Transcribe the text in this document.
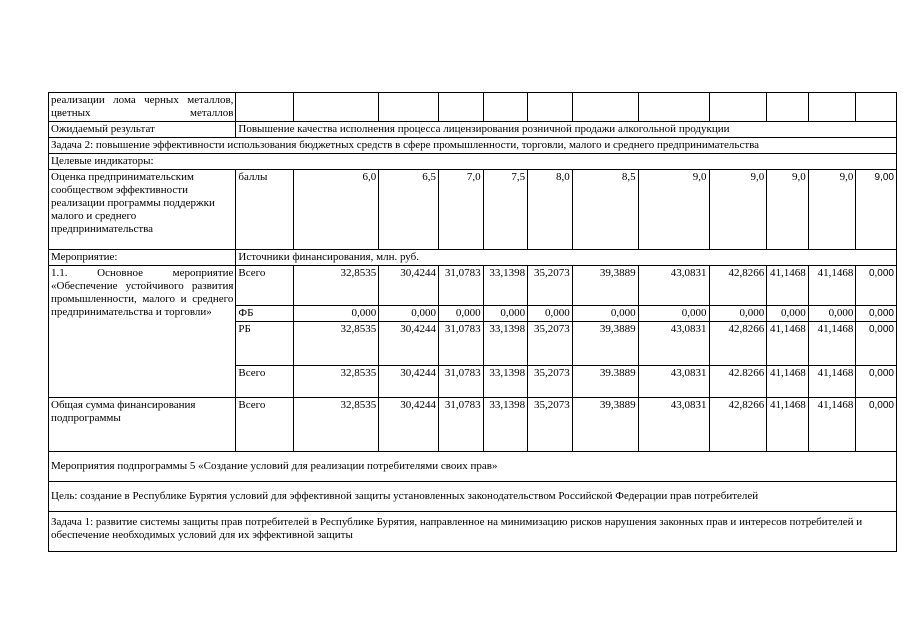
реализации лома черных металлов, цветных металлов												
Ожидаемый результат	Повышение качества исполнения процесса лицензирования розничной продажи алкогольной продукции											
Задача 2: повышение эффективности использования бюджетных средств в сфере промышленности, торговли, малого и среднего предпринимательства												
Целевые индикаторы:												
Оценка предпринимательским сообществом эффективности реализации программы поддержки малого и среднего предпринимательства	баллы	6,0	6,5	7,0	7,5	8,0	8,5	9,0	9,0	9,0	9,0	9,00
Мероприятие:	Источники финансирования, млн. руб.											
1.1. Основное мероприятие «Обеспечение устойчивого развития промышленности, малого и среднего предпринимательства и торговли»	Всего	32,8535	30,4244	31,0783	33,1398	35,2073	39,3889	43,0831	42,8266	41,1468	41,1468	0,000
	ФБ	0,000	0,000	0,000	0,000	0,000	0,000	0,000	0,000	0,000	0,000	0,000
	РБ	32,8535	30,4244	31,0783	33,1398	35,2073	39,3889	43,0831	42,8266	41,1468	41,1468	0,000
	Всего	32,8535	30,4244	31,0783	33,1398	35,2073	39.3889	43,0831	42.8266	41,1468	41,1468	0,000
Общая сумма финансирования подпрограммы	Всего	32,8535	30,4244	31,0783	33,1398	35,2073	39,3889	43,0831	42,8266	41,1468	41,1468	0,000
Мероприятия подпрограммы 5 «Создание условий для реализации потребителями своих прав»												
Цель: создание в Республике Бурятия условий для эффективной защиты установленных законодательством Российской Федерации прав потребителей												
Задача 1: развитие системы защиты прав потребителей в Республике Бурятия, направленное на минимизацию рисков нарушения законных прав и интересов потребителей и обеспечение необходимых условий для их эффективной защиты												
